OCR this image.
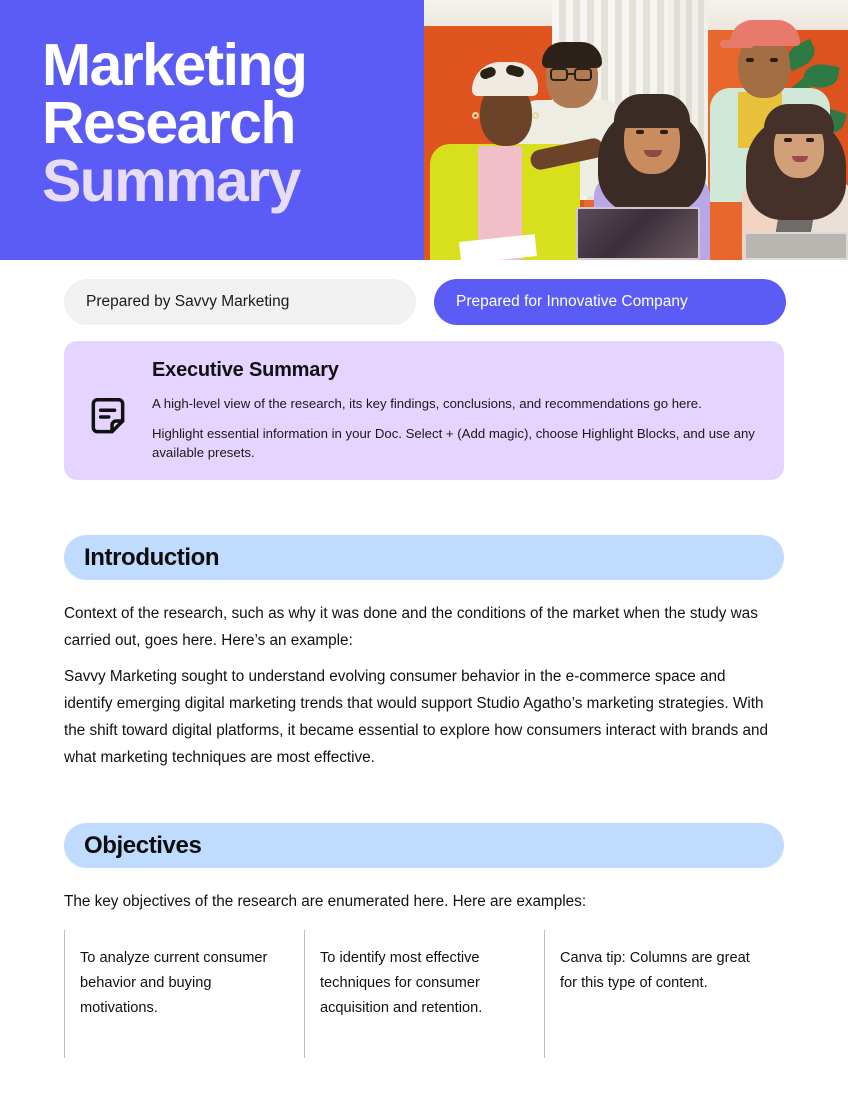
Marketing
Research
Summary
Prepared by Savvy Marketing	Prepared for Innovative Company
Executive Summary
A high-level view of the research, its key findings, conclusions, and recommendations go here.
Highlight essential information in your Doc. Select + (Add magic), choose Highlight Blocks, and use any available presets.
Introduction
Context of the research, such as why it was done and the conditions of the market when the study was carried out, goes here. Here’s an example:
Savvy Marketing sought to understand evolving consumer behavior in the e-commerce space and identify emerging digital marketing trends that would support Studio Agatho’s marketing strategies. With the shift toward digital platforms, it became essential to explore how consumers interact with brands and what marketing techniques are most effective.
Objectives
The key objectives of the research are enumerated here. Here are examples:
To analyze current consumer behavior and buying motivations.
To identify most effective techniques for consumer acquisition and retention.
Canva tip: Columns are great for this type of content.
